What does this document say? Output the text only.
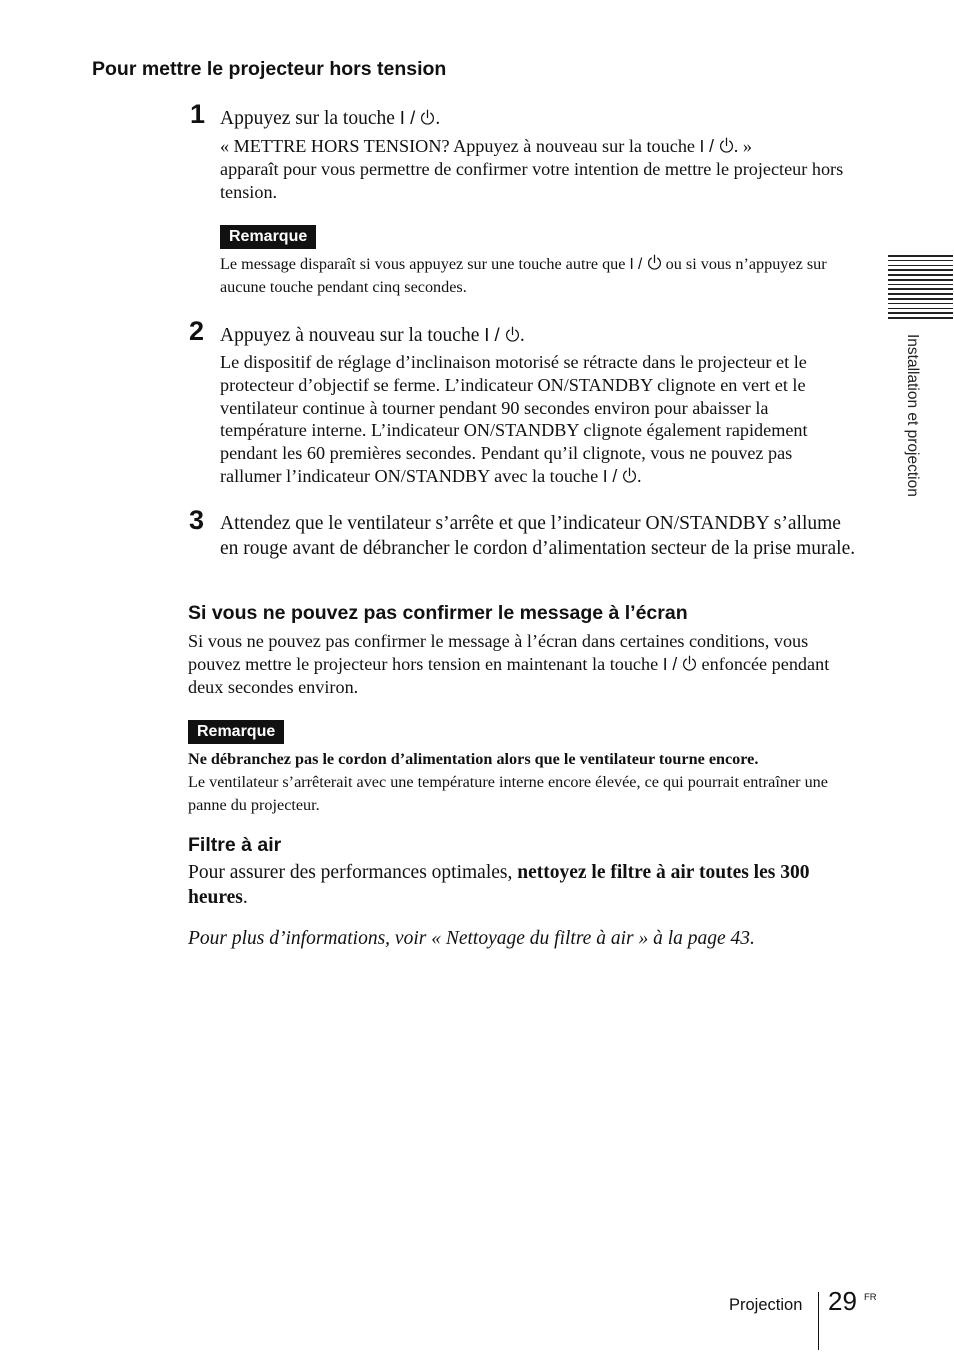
Pour mettre le projecteur hors tension
1 Appuyez sur la touche I /
.
« METTRE HORS TENSION? Appuyez à nouveau sur la touche I /
. »
apparaît pour vous permettre de confirmer votre intention de mettre le projecteur hors tension.
Remarque
Le message disparaît si vous appuyez sur une touche autre que I /
ou si vous n’appuyez sur aucune touche pendant cinq secondes.
2 Appuyez à nouveau sur la touche I /
.
Le dispositif de réglage d’inclinaison motorisé se rétracte dans le projecteur et le protecteur d’objectif se ferme. L’indicateur ON/STANDBY clignote en vert et le ventilateur continue à tourner pendant 90 secondes environ pour abaisser la température interne. L’indicateur ON/STANDBY clignote également rapidement pendant les 60 premières secondes. Pendant qu’il clignote, vous ne pouvez pas rallumer l’indicateur ON/STANDBY avec la touche I /
.
3 Attendez que le ventilateur s’arrête et que l’indicateur ON/STANDBY s’allume en rouge avant de débrancher le cordon d’alimentation secteur de la prise murale.
Si vous ne pouvez pas confirmer le message à l’écran
Si vous ne pouvez pas confirmer le message à l’écran dans certaines conditions, vous pouvez mettre le projecteur hors tension en maintenant la touche I /
enfoncée pendant deux secondes environ.
Remarque
Ne débranchez pas le cordon d’alimentation alors que le ventilateur tourne encore.
Le ventilateur s’arrêterait avec une température interne encore élevée, ce qui pourrait entraîner une panne du projecteur.
Filtre à air
Pour assurer des performances optimales, nettoyez le filtre à air toutes les 300 heures.
Pour plus d’informations, voir « Nettoyage du filtre à air » à la page 43.
Installation et projection
Projection 29 FR
